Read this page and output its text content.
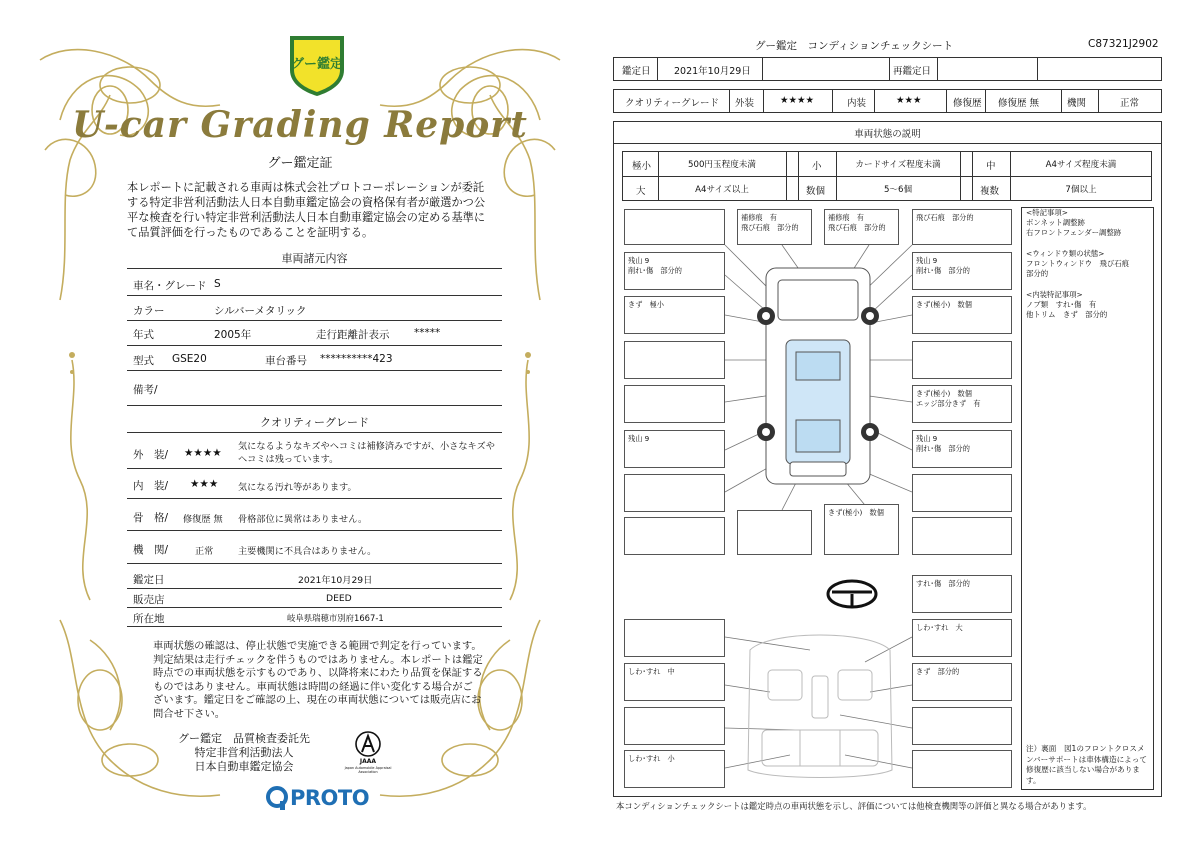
グー鑑定
U-car Grading Report
グー鑑定証
本レポートに記載される車両は株式会社プロトコーポレーションが委託する特定非営利活動法人日本自動車鑑定協会の資格保有者が厳選かつ公平な検査を行い特定非営利活動法人日本自動車鑑定協会の定める基準にて品質評価を行ったものであることを証明する。
車両諸元内容
車名・グレード S
カラー	シルバーメタリック
年式	2005年	走行距離計表示 *****
型式 GSE20	車台番号 **********423
備考/
クオリティーグレード
外　装/ ★★★★
気になるようなキズやヘコミは補修済みですが、小さなキズやヘコミは残っています。
内　装/ ★★★ 気になる汚れ等があります。
骨　格/ 修復歴 無 骨格部位に異常はありません。
機　関/	正常	主要機関に不具合はありません。
鑑定日	2021年10月29日
販売店	DEED
所在地	岐阜県瑞穂市別府1667-1
車両状態の確認は、停止状態で実施できる範囲で判定を行っています。判定結果は走行チェックを伴うものではありません。本レポートは鑑定時点での車両状態を示すものであり、以降将来にわたり品質を保証するものではありません。車両状態は時間の経過に伴い変化する場合がございます。鑑定日をご確認の上、現在の車両状態については販売店にお問合せ下さい。
グー鑑定　品質検査委託先
特定非営利活動法人
日本自動車鑑定協会	JAAA
Japan Automobile Appraisal Association
PROTO
グー鑑定　コンディションチェックシート	C87321J2902
鑑定日 2021年10月29日	再鑑定日
クオリティーグレード 外装	★★★★	内装	★★★	修復歴 修復歴 無	機関	正常
車両状態の説明
極小	500円玉程度未満	小	カードサイズ程度未満	中	A4サイズ程度未満
大	A4サイズ以上	数個	5～6個	複数	7個以上
<特記事項>
ボンネット調整跡
右フロントフェンダー調整跡

<ウィンドウ類の状態>
フロントウィンドウ　飛び石痕
部分的

<内装特記事項>
ノブ類　すれ･傷　有
他トリム　きず　部分的
注）裏面　図1のフロントクロスメンバーサポートは車体構造によって修復歴に該当しない場合があります。
補修痕　有
飛び石痕　部分的
補修痕　有
飛び石痕　部分的
飛び石痕　部分的
残山 9
削れ･傷　部分的
残山 9
削れ･傷　部分的
きず　極小	きず(極小)　数個
きず(極小)　数個
エッジ部分きず　有
残山 9	残山 9
削れ･傷　部分的
きず(極小)　数個
すれ･傷　部分的
しわ･すれ　大
しわ･すれ　中	きず　部分的
しわ･すれ　小
本コンディションチェックシートは鑑定時点の車両状態を示し、評価については他検査機関等の評価と異なる場合があります。
